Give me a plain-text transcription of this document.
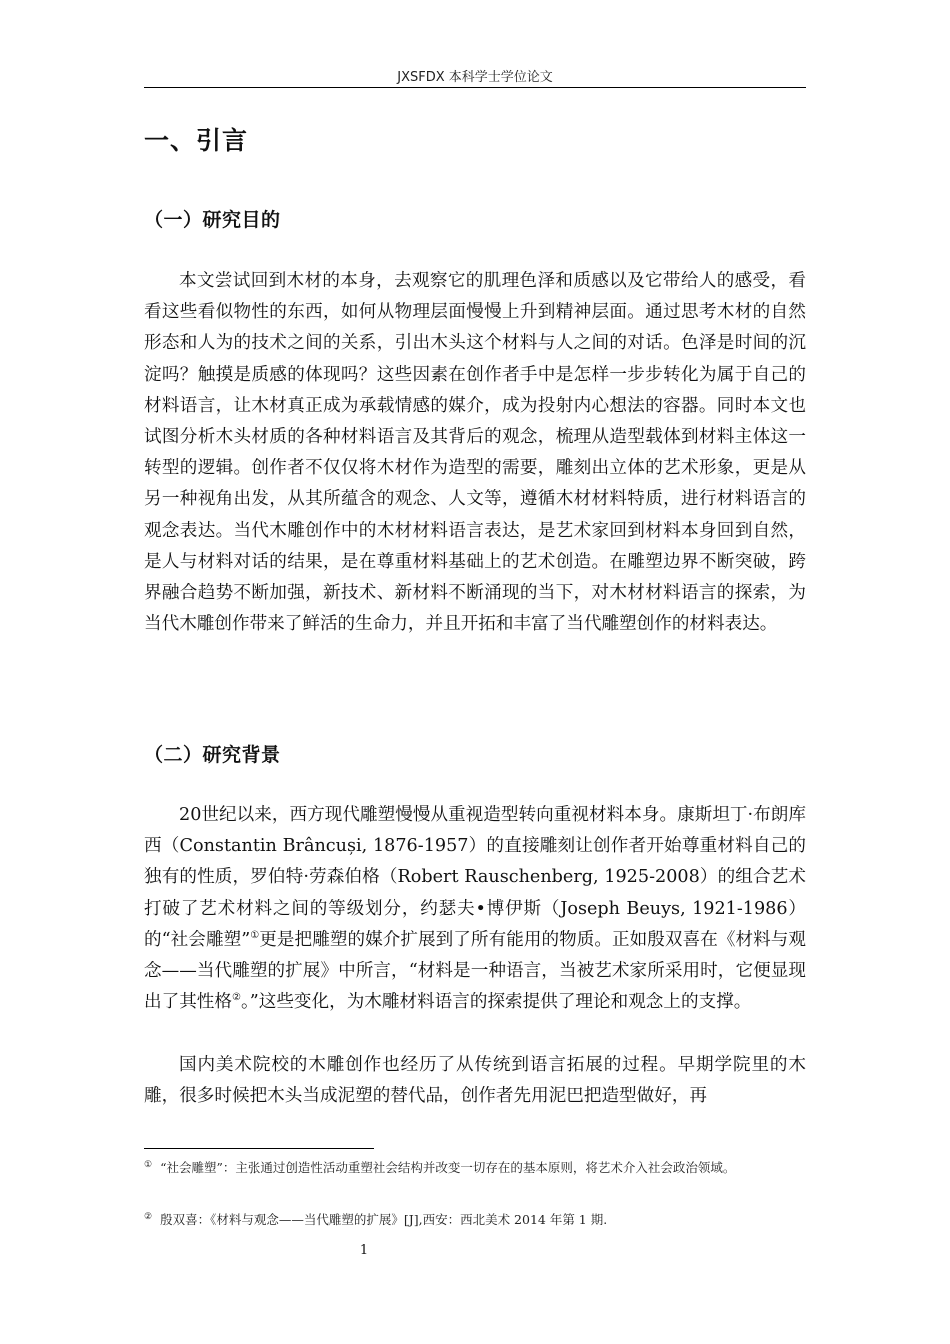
JXSFDX 本科学士学位论文
一、引言
（一）研究目的

本文尝试回到木材的本身，去观察它的肌理色泽和质感以及它带给人的感受，看看这些看似物性的东西，如何从物理层面慢慢上升到精神层面。通过思考木材的自然形态和人为的技术之间的关系，引出木头这个材料与人之间的对话。色泽是时间的沉淀吗？触摸是质感的体现吗？这些因素在创作者手中是怎样一步步转化为属于自己的材料语言，让木材真正成为承载情感的媒介，成为投射内心想法的容器。同时本文也试图分析木头材质的各种材料语言及其背后的观念，梳理从造型载体到材料主体这一转型的逻辑。创作者不仅仅将木材作为造型的需要，雕刻出立体的艺术形象，更是从另一种视角出发，从其所蕴含的观念、人文等，遵循木材材料特质，进行材料语言的观念表达。当代木雕创作中的木材材料语言表达，是艺术家回到材料本身回到自然，是人与材料对话的结果，是在尊重材料基础上的艺术创造。在雕塑边界不断突破，跨界融合趋势不断加强，新技术、新材料不断涌现的当下，对木材材料语言的探索，为当代木雕创作带来了鲜活的生命力，并且开拓和丰富了当代雕塑创作的材料表达。

（二）研究背景

20世纪以来，西方现代雕塑慢慢从重视造型转向重视材料本身。康斯坦丁·布朗库西（Constantin Brâncuși, 1876-1957）的直接雕刻让创作者开始尊重材料自己的独有的性质，罗伯特·劳森伯格（Robert Rauschenberg, 1925-2008）的组合艺术打破了艺术材料之间的等级划分，约瑟夫•博伊斯（Joseph Beuys, 1921-1986）的“社会雕塑”①更是把雕塑的媒介扩展到了所有能用的物质。正如殷双喜在《材料与观念——当代雕塑的扩展》中所言，“材料是一种语言，当被艺术家所采用时，它便显现出了其性格②。”这些变化，为木雕材料语言的探索提供了理论和观念上的支撑。

国内美术院校的木雕创作也经历了从传统到语言拓展的过程。早期学院里的木雕，很多时候把木头当成泥塑的替代品，创作者先用泥巴把造型做好，再

① “社会雕塑”：主张通过创造性活动重塑社会结构并改变一切存在的基本原则，将艺术介入社会政治领域。

② 殷双喜：《材料与观念——当代雕塑的扩展》[J],西安：西北美术 2014 年第 1 期.

1
